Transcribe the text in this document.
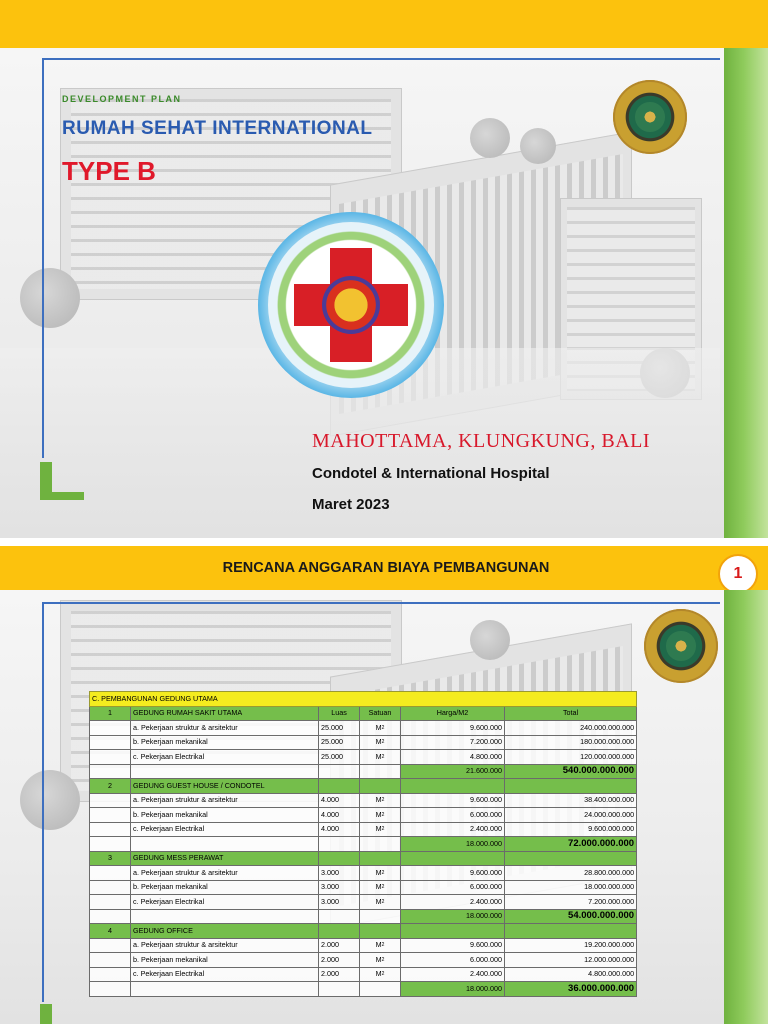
DEVELOPMENT PLAN
RUMAH SEHAT INTERNATIONAL
TYPE B
MAHOTTAMA, KLUNGKUNG, BALI
Condotel & International Hospital
Maret 2023
RENCANA ANGGARAN BIAYA PEMBANGUNAN	1
C. PEMBANGUNAN GEDUNG UTAMA					
1	GEDUNG RUMAH SAKIT UTAMA	Luas	Satuan	Harga/M2	Total
	a. Pekerjaan struktur & arsitektur	25.000	$M^2$	9.600.000	240.000.000.000
	b. Pekerjaan mekanikal	25.000	$M^2$	7.200.000	180.000.000.000
	c. Pekerjaan Electrikal	25.000	$M^2$	4.800.000	120.000.000.000
				21.600.000	540.000.000.000
2	GEDUNG GUEST HOUSE / CONDOTEL				
	a. Pekerjaan struktur & arsitektur	4.000	$M^2$	9.600.000	38.400.000.000
	b. Pekerjaan mekanikal	4.000	$M^2$	6.000.000	24.000.000.000
	c. Pekerjaan Electrikal	4.000	$M^2$	2.400.000	9.600.000.000
				18.000.000	72.000.000.000
3	GEDUNG MESS PERAWAT				
	a. Pekerjaan struktur & arsitektur	3.000	$M^2$	9.600.000	28.800.000.000
	b. Pekerjaan mekanikal	3.000	$M^2$	6.000.000	18.000.000.000
	c. Pekerjaan Electrikal	3.000	$M^2$	2.400.000	7.200.000.000
				18.000.000	54.000.000.000
4	GEDUNG OFFICE				
	a. Pekerjaan struktur & arsitektur	2.000	$M^2$	9.600.000	19.200.000.000
	b. Pekerjaan mekanikal	2.000	$M^2$	6.000.000	12.000.000.000
	c. Pekerjaan Electrikal	2.000	$M^2$	2.400.000	4.800.000.000
				18.000.000	36.000.000.000
